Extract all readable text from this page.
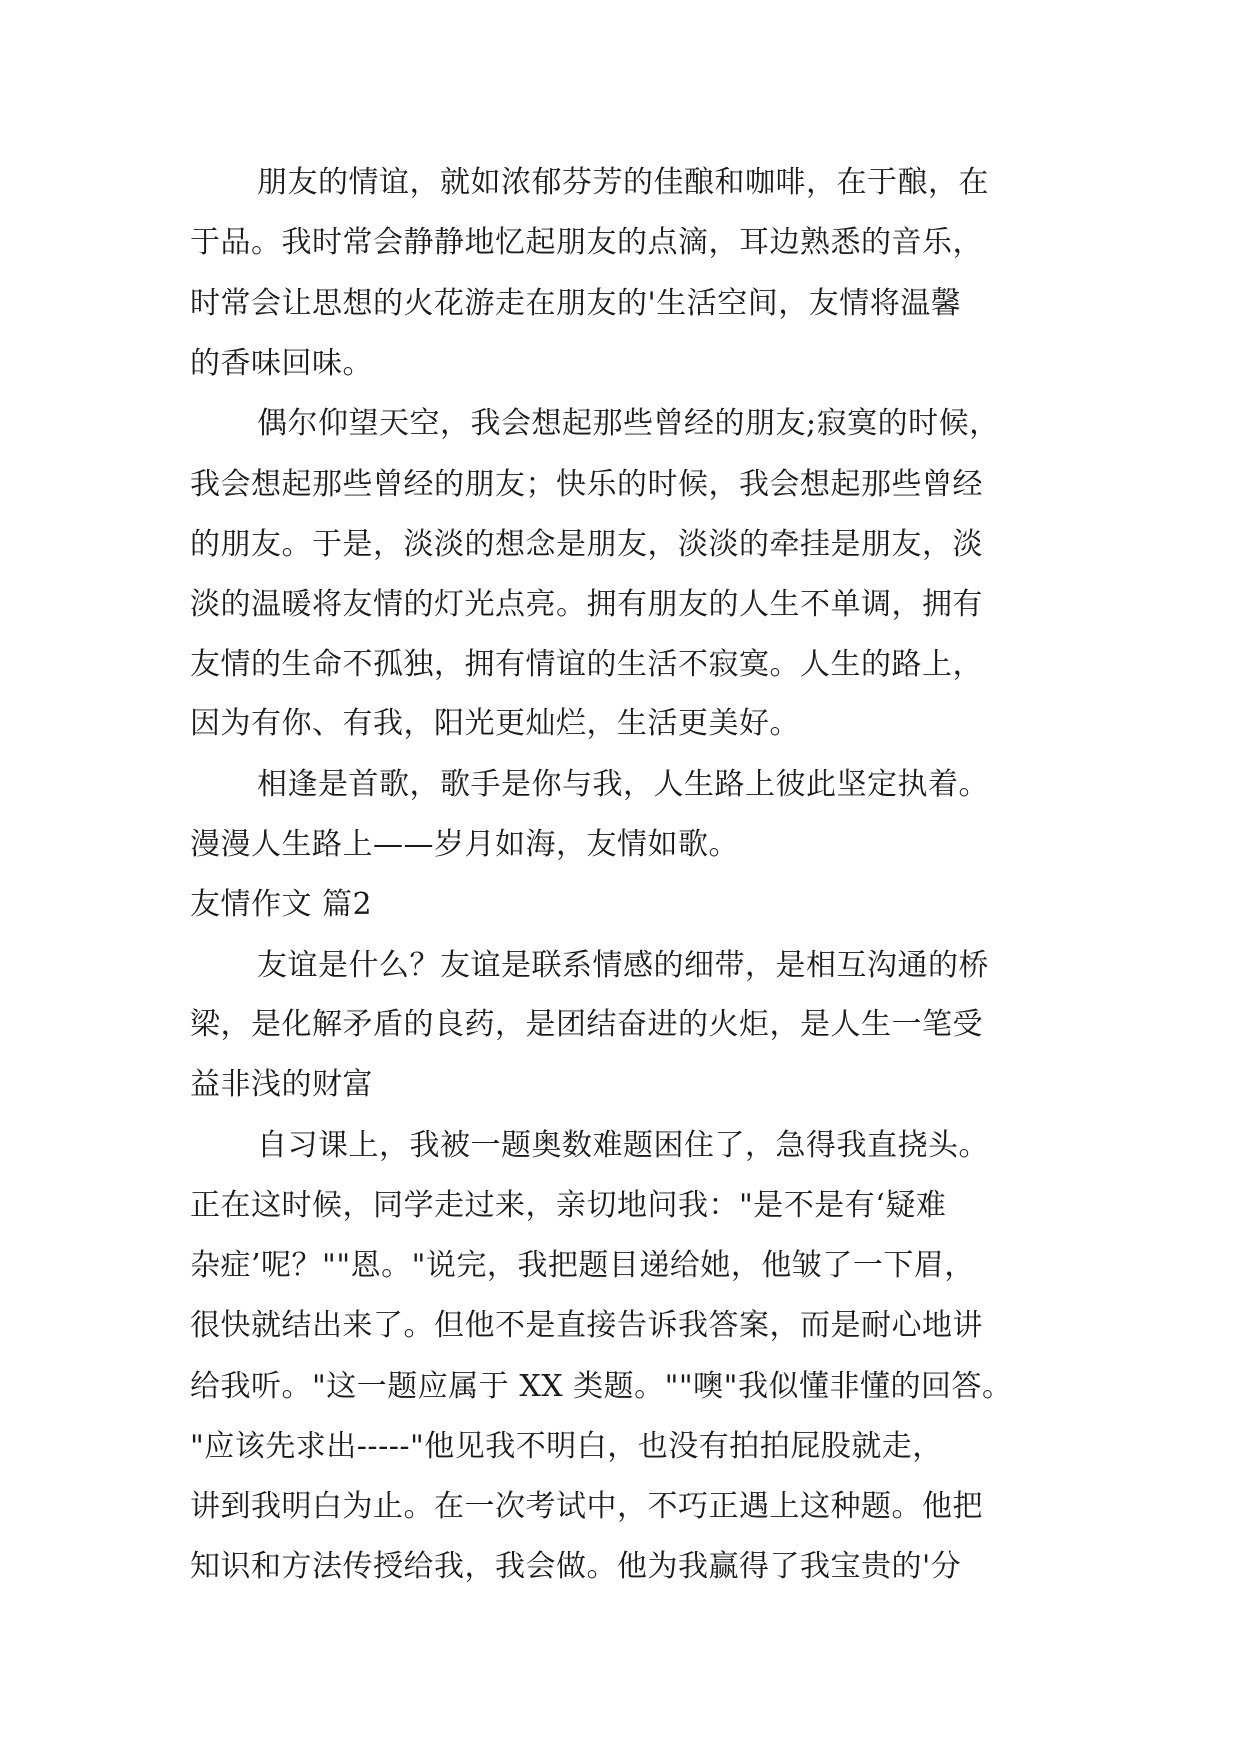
朋友的情谊，就如浓郁芬芳的佳酿和咖啡，在于酿，在
于品。我时常会静静地忆起朋友的点滴，耳边熟悉的音乐，
时常会让思想的火花游走在朋友的'生活空间，友情将温馨
的香味回味。
偶尔仰望天空，我会想起那些曾经的朋友;寂寞的时候，
我会想起那些曾经的朋友；快乐的时候，我会想起那些曾经
的朋友。于是，淡淡的想念是朋友，淡淡的牵挂是朋友，淡
淡的温暖将友情的灯光点亮。拥有朋友的人生不单调，拥有
友情的生命不孤独，拥有情谊的生活不寂寞。人生的路上，
因为有你、有我，阳光更灿烂，生活更美好。
相逢是首歌，歌手是你与我，人生路上彼此坚定执着。
漫漫人生路上——岁月如海，友情如歌。
友情作文 篇2
友谊是什么？友谊是联系情感的细带，是相互沟通的桥
梁，是化解矛盾的良药，是团结奋进的火炬，是人生一笔受
益非浅的财富
自习课上，我被一题奥数难题困住了，急得我直挠头。
正在这时候，同学走过来，亲切地问我："是不是有‘疑难
杂症’呢？""恩。"说完，我把题目递给她，他皱了一下眉，
很快就结出来了。但他不是直接告诉我答案，而是耐心地讲
给我听。"这一题应属于 XX 类题。""噢"我似懂非懂的回答。
"应该先求出-----"他见我不明白，也没有拍拍屁股就走，
讲到我明白为止。在一次考试中，不巧正遇上这种题。他把
知识和方法传授给我，我会做。他为我赢得了我宝贵的'分
